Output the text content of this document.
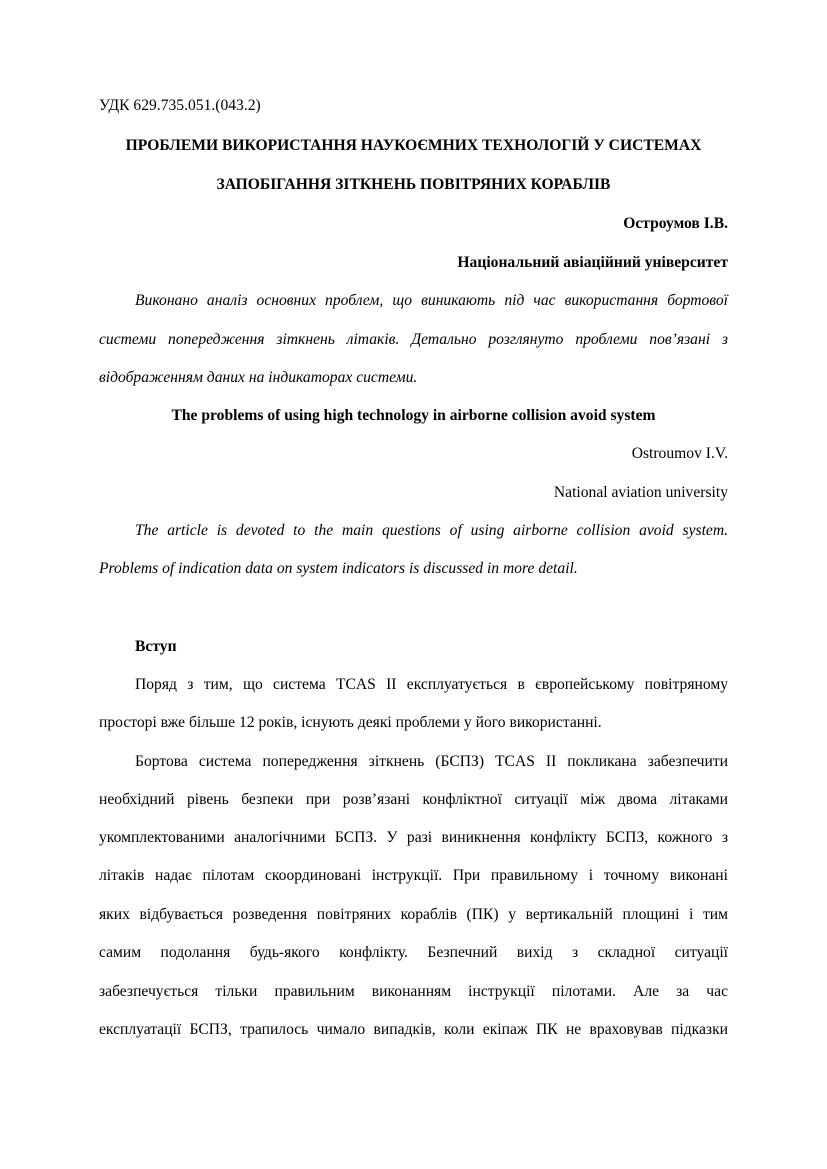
УДК 629.735.051.(043.2)
ПРОБЛЕМИ ВИКОРИСТАННЯ НАУКОЄМНИХ ТЕХНОЛОГІЙ У СИСТЕМАХ
ЗАПОБІГАННЯ ЗІТКНЕНЬ ПОВІТРЯНИХ КОРАБЛІВ
Остроумов І.В.
Національний авіаційний університет
Виконано аналіз основних проблем, що виникають під час використання бортової
системи попередження зіткнень літаків. Детально розглянуто проблеми пов’язані з
відображенням даних на індикаторах системи.
The problems of using high technology in airborne collision avoid system
Ostroumov I.V.
National aviation university
The article is devoted to the main questions of using airborne collision avoid system.
Problems of indication data on system indicators is discussed in more detail.
Вступ
Поряд з тим, що система TCAS II експлуатується в європейському повітряному
просторі вже більше 12 років, існують деякі проблеми у його використанні.
Бортова система попередження зіткнень (БСПЗ) TCAS II покликана забезпечити
необхідний рівень безпеки при розв’язані конфліктної ситуації між двома літаками
укомплектованими аналогічними БСПЗ. У разі виникнення конфлікту БСПЗ, кожного з
літаків надає пілотам скоординовані інструкції. При правильному і точному виконані
яких відбувається розведення повітряних кораблів (ПК) у вертикальній площині і тим
самим подолання будь-якого конфлікту. Безпечний вихід з складної ситуації
забезпечується тільки правильним виконанням інструкції пілотами. Але за час
експлуатації БСПЗ, трапилось чимало випадків, коли екіпаж ПК не враховував підказки
